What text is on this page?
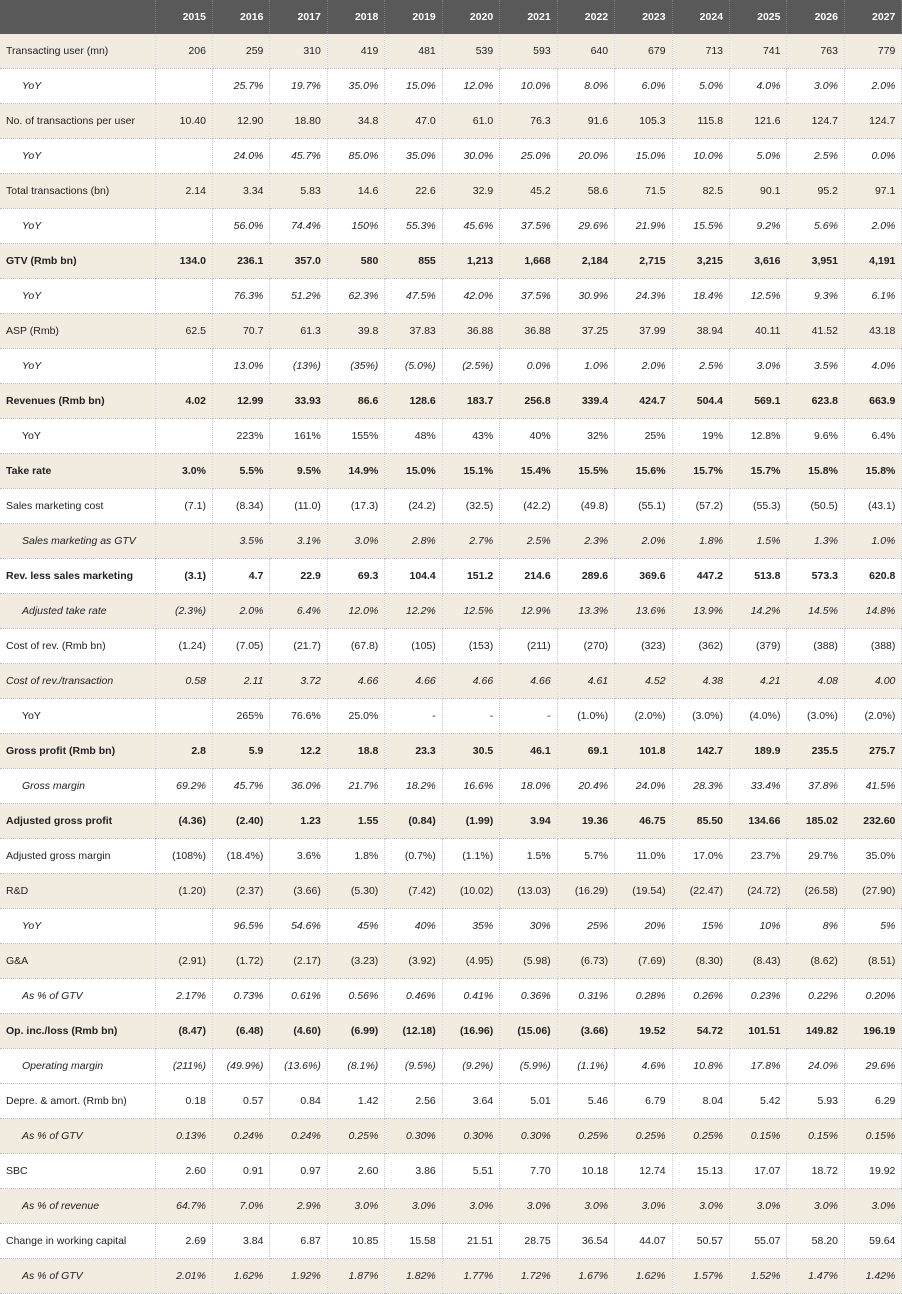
	2015	2016	2017	2018	2019	2020	2021	2022	2023	2024	2025	2026	2027
Transacting user (mn)	206	259	310	419	481	539	593	640	679	713	741	763	779
YoY		25.7%	19.7%	35.0%	15.0%	12.0%	10.0%	8.0%	6.0%	5.0%	4.0%	3.0%	2.0%
No. of transactions per user	10.40	12.90	18.80	34.8	47.0	61.0	76.3	91.6	105.3	115.8	121.6	124.7	124.7
YoY		24.0%	45.7%	85.0%	35.0%	30.0%	25.0%	20.0%	15.0%	10.0%	5.0%	2.5%	0.0%
Total transactions (bn)	2.14	3.34	5.83	14.6	22.6	32.9	45.2	58.6	71.5	82.5	90.1	95.2	97.1
YoY		56.0%	74.4%	150%	55.3%	45.6%	37.5%	29.6%	21.9%	15.5%	9.2%	5.6%	2.0%
GTV (Rmb bn)	134.0	236.1	357.0	580	855	1,213	1,668	2,184	2,715	3,215	3,616	3,951	4,191
YoY		76.3%	51.2%	62.3%	47.5%	42.0%	37.5%	30.9%	24.3%	18.4%	12.5%	9.3%	6.1%
ASP (Rmb)	62.5	70.7	61.3	39.8	37.83	36.88	36.88	37.25	37.99	38.94	40.11	41.52	43.18
YoY		13.0%	(13%)	(35%)	(5.0%)	(2.5%)	0.0%	1.0%	2.0%	2.5%	3.0%	3.5%	4.0%
Revenues (Rmb bn)	4.02	12.99	33.93	86.6	128.6	183.7	256.8	339.4	424.7	504.4	569.1	623.8	663.9
YoY		223%	161%	155%	48%	43%	40%	32%	25%	19%	12.8%	9.6%	6.4%
Take rate	3.0%	5.5%	9.5%	14.9%	15.0%	15.1%	15.4%	15.5%	15.6%	15.7%	15.7%	15.8%	15.8%
Sales marketing cost	(7.1)	(8.34)	(11.0)	(17.3)	(24.2)	(32.5)	(42.2)	(49.8)	(55.1)	(57.2)	(55.3)	(50.5)	(43.1)
Sales marketing as GTV		3.5%	3.1%	3.0%	2.8%	2.7%	2.5%	2.3%	2.0%	1.8%	1.5%	1.3%	1.0%
Rev. less sales marketing	(3.1)	4.7	22.9	69.3	104.4	151.2	214.6	289.6	369.6	447.2	513.8	573.3	620.8
Adjusted take rate	(2.3%)	2.0%	6.4%	12.0%	12.2%	12.5%	12.9%	13.3%	13.6%	13.9%	14.2%	14.5%	14.8%
Cost of rev. (Rmb bn)	(1.24)	(7.05)	(21.7)	(67.8)	(105)	(153)	(211)	(270)	(323)	(362)	(379)	(388)	(388)
Cost of rev./transaction	0.58	2.11	3.72	4.66	4.66	4.66	4.66	4.61	4.52	4.38	4.21	4.08	4.00
YoY		265%	76.6%	25.0%	-	-	-	(1.0%)	(2.0%)	(3.0%)	(4.0%)	(3.0%)	(2.0%)
Gross profit (Rmb bn)	2.8	5.9	12.2	18.8	23.3	30.5	46.1	69.1	101.8	142.7	189.9	235.5	275.7
Gross margin	69.2%	45.7%	36.0%	21.7%	18.2%	16.6%	18.0%	20.4%	24.0%	28.3%	33.4%	37.8%	41.5%
Adjusted gross profit	(4.36)	(2.40)	1.23	1.55	(0.84)	(1.99)	3.94	19.36	46.75	85.50	134.66	185.02	232.60
Adjusted gross margin	(108%)	(18.4%)	3.6%	1.8%	(0.7%)	(1.1%)	1.5%	5.7%	11.0%	17.0%	23.7%	29.7%	35.0%
R&D	(1.20)	(2.37)	(3.66)	(5.30)	(7.42)	(10.02)	(13.03)	(16.29)	(19.54)	(22.47)	(24.72)	(26.58)	(27.90)
YoY		96.5%	54.6%	45%	40%	35%	30%	25%	20%	15%	10%	8%	5%
G&A	(2.91)	(1.72)	(2.17)	(3.23)	(3.92)	(4.95)	(5.98)	(6.73)	(7.69)	(8.30)	(8.43)	(8.62)	(8.51)
As % of GTV	2.17%	0.73%	0.61%	0.56%	0.46%	0.41%	0.36%	0.31%	0.28%	0.26%	0.23%	0.22%	0.20%
Op. inc./loss (Rmb bn)	(8.47)	(6.48)	(4.60)	(6.99)	(12.18)	(16.96)	(15.06)	(3.66)	19.52	54.72	101.51	149.82	196.19
Operating margin	(211%)	(49.9%)	(13.6%)	(8.1%)	(9.5%)	(9.2%)	(5.9%)	(1.1%)	4.6%	10.8%	17.8%	24.0%	29.6%
Depre. & amort. (Rmb bn)	0.18	0.57	0.84	1.42	2.56	3.64	5.01	5.46	6.79	8.04	5.42	5.93	6.29
As % of GTV	0.13%	0.24%	0.24%	0.25%	0.30%	0.30%	0.30%	0.25%	0.25%	0.25%	0.15%	0.15%	0.15%
SBC	2.60	0.91	0.97	2.60	3.86	5.51	7.70	10.18	12.74	15.13	17.07	18.72	19.92
As % of revenue	64.7%	7.0%	2.9%	3.0%	3.0%	3.0%	3.0%	3.0%	3.0%	3.0%	3.0%	3.0%	3.0%
Change in working capital	2.69	3.84	6.87	10.85	15.58	21.51	28.75	36.54	44.07	50.57	55.07	58.20	59.64
As % of GTV	2.01%	1.62%	1.92%	1.87%	1.82%	1.77%	1.72%	1.67%	1.62%	1.57%	1.52%	1.47%	1.42%
